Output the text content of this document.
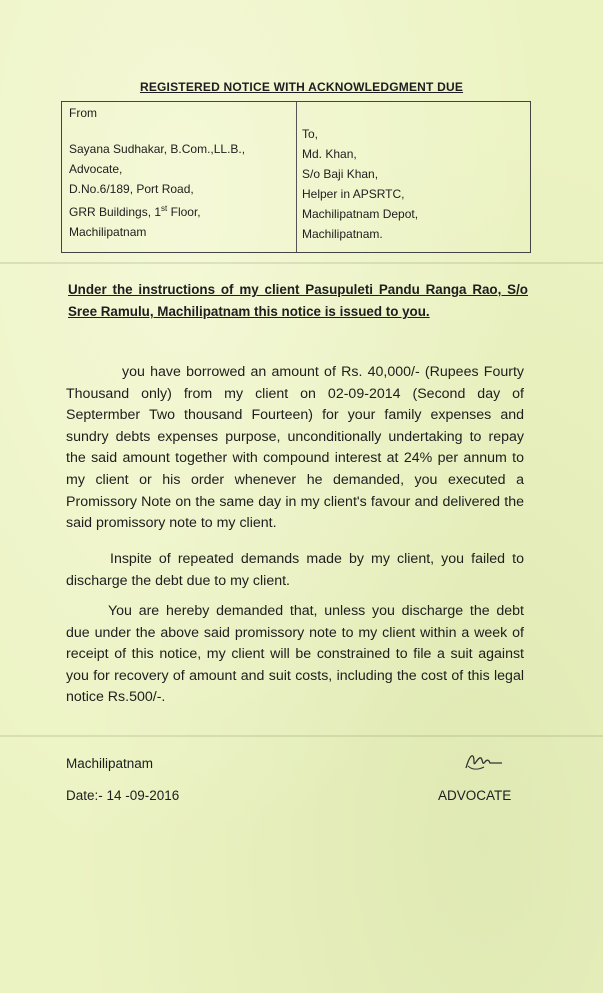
REGISTERED NOTICE WITH ACKNOWLEDGMENT DUE
From
Sayana Sudhakar, B.Com.,LL.B.,
Advocate,
D.No.6/189, Port Road,
GRR Buildings, 1st Floor,
Machilipatnam
To,
Md. Khan,
S/o Baji Khan,
Helper in APSRTC,
Machilipatnam Depot,
Machilipatnam.
Under the instructions of my client Pasupuleti Pandu Ranga Rao, S/o Sree Ramulu, Machilipatnam this notice is issued to you.
you have borrowed an amount of Rs. 40,000/- (Rupees Fourty Thousand only) from my client on 02-09-2014 (Second day of Septermber Two thousand Fourteen) for your family expenses and sundry debts expenses purpose, unconditionally undertaking to repay the said amount together with compound interest at 24% per annum to my client or his order whenever he demanded, you executed a Promissory Note on the same day in my client's favour and delivered the said promissory note to my client.
Inspite of repeated demands made by my client, you failed to discharge the debt due to my client.
You are hereby demanded that, unless you discharge the debt due under the above said promissory note to my client within a week of receipt of this notice, my client will be constrained to file a suit against you for recovery of amount and suit costs, including the cost of this legal notice Rs.500/-.
Machilipatnam
Date:- 14 -09-2016	ADVOCATE
